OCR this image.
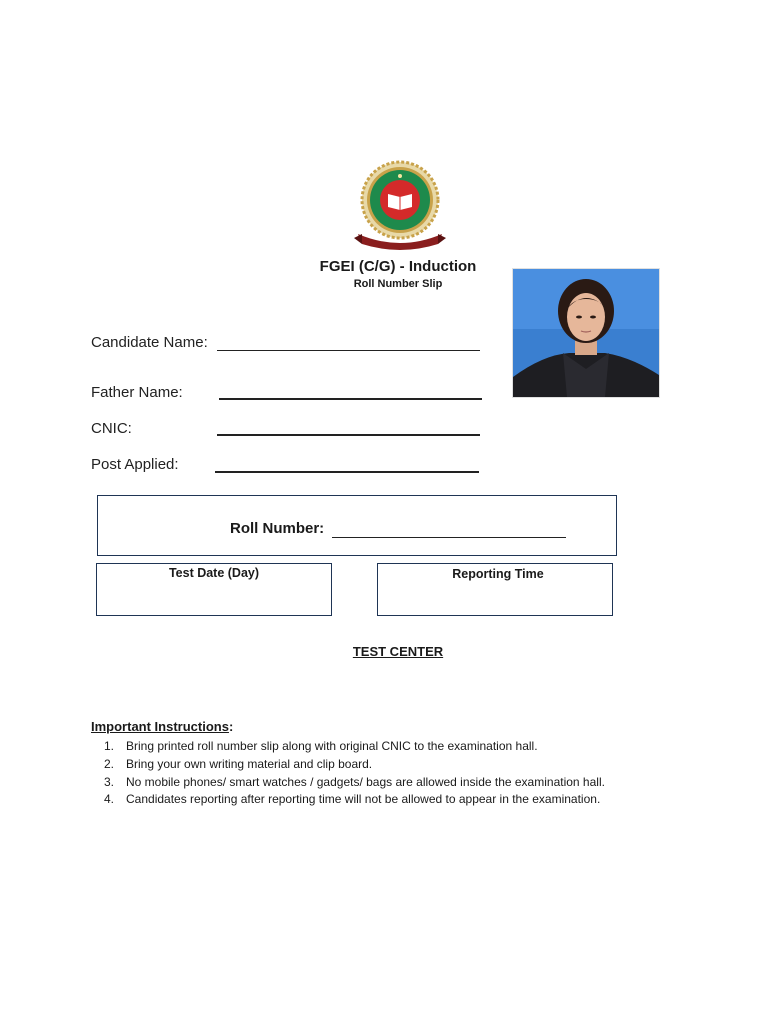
FGEI (C/G) - Induction
Roll Number Slip
Candidate Name:
Father Name:
CNIC:
Post Applied:
Roll Number:
Test Date (Day)	Reporting Time
TEST CENTER
Important Instructions:
1. Bring printed roll number slip along with original CNIC to the examination hall.
2. Bring your own writing material and clip board.
3. No mobile phones/ smart watches / gadgets/ bags are allowed inside the examination hall.
4. Candidates reporting after reporting time will not be allowed to appear in the examination.
